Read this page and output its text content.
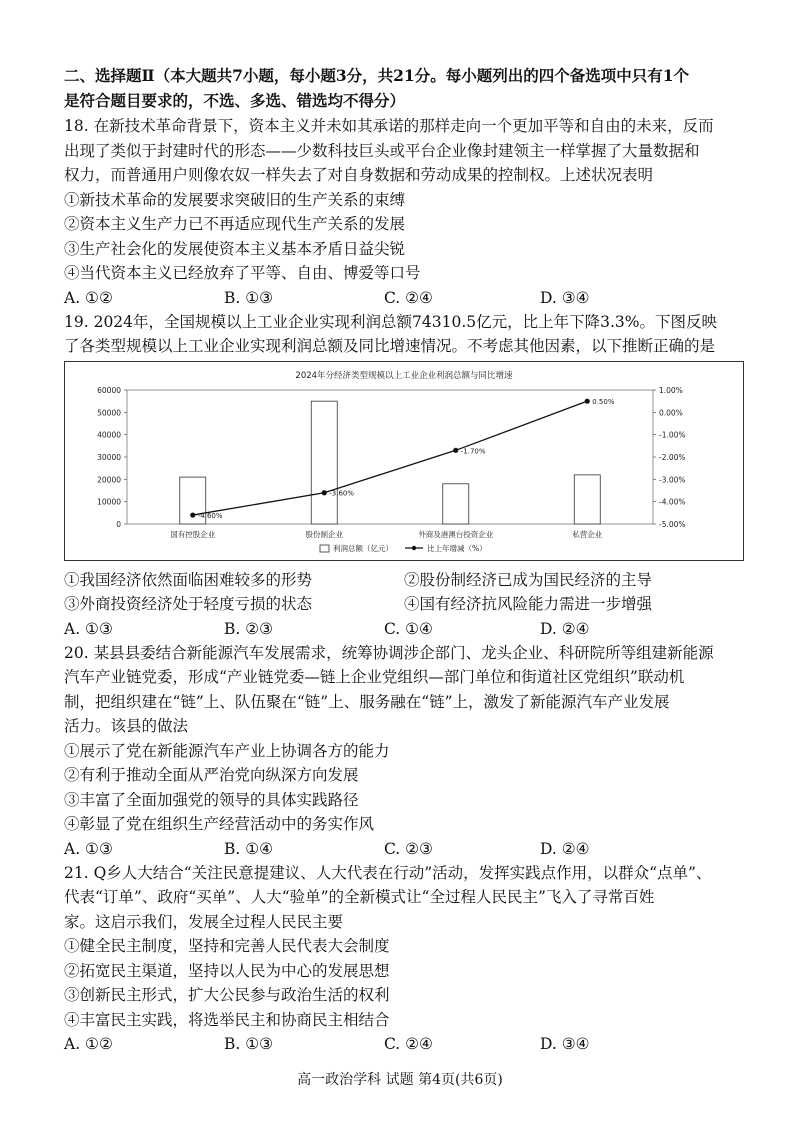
二、选择题Ⅱ（本大题共7小题，每小题3分，共21分。每小题列出的四个备选项中只有1个
是符合题目要求的，不选、多选、错选均不得分）
18. 在新技术革命背景下，资本主义并未如其承诺的那样走向一个更加平等和自由的未来，反而
出现了类似于封建时代的形态——少数科技巨头或平台企业像封建领主一样掌握了大量数据和
权力，而普通用户则像农奴一样失去了对自身数据和劳动成果的控制权。上述状况表明
①新技术革命的发展要求突破旧的生产关系的束缚
②资本主义生产力已不再适应现代生产关系的发展
③生产社会化的发展使资本主义基本矛盾日益尖锐
④当代资本主义已经放弃了平等、自由、博爱等口号
A. ①②	B. ①③	C. ②④	D. ③④
19. 2024年，全国规模以上工业企业实现利润总额74310.5亿元，比上年下降3.3%。下图反映
了各类型规模以上工业企业实现利润总额及同比增速情况。不考虑其他因素，以下推断正确的是
2024年分经济类型规模以上工业企业利润总额与同比增速
0
10000
20000
30000
40000
50000
60000	1.00%
0.00%
-1.00%
-2.00%
-3.00%
-4.00%
-5.00%
-4.60%
-3.60%
-1.70%
0.50%
国有控股企业	股份制企业	外商及港澳台投资企业	私营企业
利润总额（亿元）	比上年增减（%）
①我国经济依然面临困难较多的形势	②股份制经济已成为国民经济的主导
③外商投资经济处于轻度亏损的状态	④国有经济抗风险能力需进一步增强
A. ①③	B. ②③	C. ①④	D. ②④
20. 某县县委结合新能源汽车发展需求，统筹协调涉企部门、龙头企业、科研院所等组建新能源
汽车产业链党委，形成“产业链党委—链上企业党组织—部门单位和街道社区党组织”联动机
制，把组织建在“链”上、队伍聚在“链”上、服务融在“链”上，激发了新能源汽车产业发展
活力。该县的做法
①展示了党在新能源汽车产业上协调各方的能力
②有利于推动全面从严治党向纵深方向发展
③丰富了全面加强党的领导的具体实践路径
④彰显了党在组织生产经营活动中的务实作风
A. ①③	B. ①④	C. ②③	D. ②④
21. Q乡人大结合“关注民意提建议、人大代表在行动”活动，发挥实践点作用，以群众“点单”、
代表“订单”、政府“买单”、人大“验单”的全新模式让“全过程人民民主”飞入了寻常百姓
家。这启示我们，发展全过程人民民主要
①健全民主制度，坚持和完善人民代表大会制度
②拓宽民主渠道，坚持以人民为中心的发展思想
③创新民主形式，扩大公民参与政治生活的权利
④丰富民主实践，将选举民主和协商民主相结合
A. ①②	B. ①③	C. ②④	D. ③④
高一政治学科 试题 第4页(共6页)
